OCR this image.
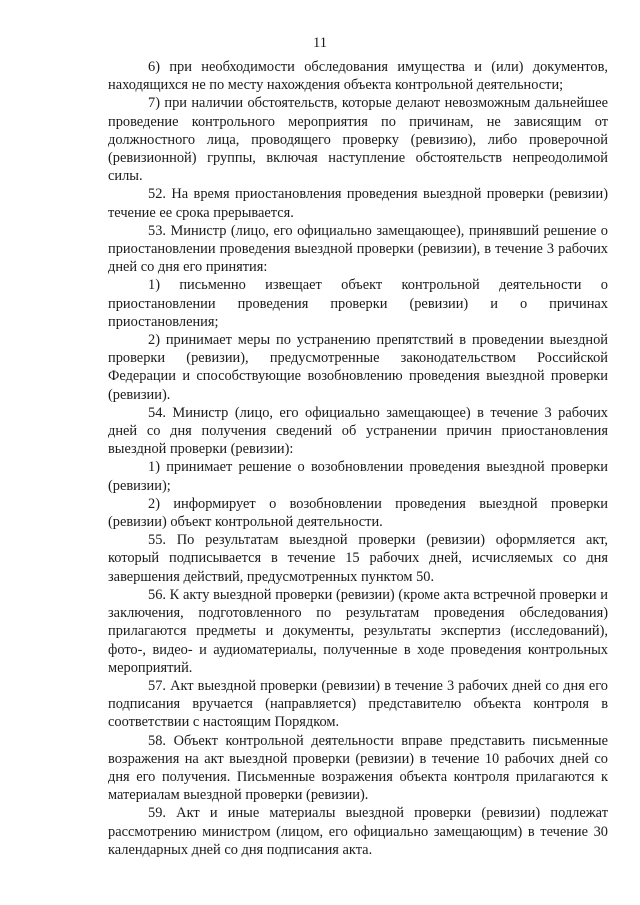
11

6) при необходимости обследования имущества и (или) документов, находящихся не по месту нахождения объекта контрольной деятельности;

7) при наличии обстоятельств, которые делают невозможным дальнейшее проведение контрольного мероприятия по причинам, не зависящим от должностного лица, проводящего проверку (ревизию), либо проверочной (ревизионной) группы, включая наступление обстоятельств непреодолимой силы.

52. На время приостановления проведения выездной проверки (ревизии) течение ее срока прерывается.

53. Министр (лицо, его официально замещающее), принявший решение о приостановлении проведения выездной проверки (ревизии), в течение 3 рабочих дней со дня его принятия:

1) письменно извещает объект контрольной деятельности о приостановлении проведения проверки (ревизии) и о причинах приостановления;

2) принимает меры по устранению препятствий в проведении выездной проверки (ревизии), предусмотренные законодательством Российской Федерации и способствующие возобновлению проведения выездной проверки (ревизии).

54. Министр (лицо, его официально замещающее) в течение 3 рабочих дней со дня получения сведений об устранении причин приостановления выездной проверки (ревизии):

1) принимает решение о возобновлении проведения выездной проверки (ревизии);

2) информирует о возобновлении проведения выездной проверки (ревизии) объект контрольной деятельности.

55. По результатам выездной проверки (ревизии) оформляется акт, который подписывается в течение 15 рабочих дней, исчисляемых со дня завершения действий, предусмотренных пунктом 50.

56. К акту выездной проверки (ревизии) (кроме акта встречной проверки и заключения, подготовленного по результатам проведения обследования) прилагаются предметы и документы, результаты экспертиз (исследований), фото-, видео- и аудиоматериалы, полученные в ходе проведения контрольных мероприятий.

57. Акт выездной проверки (ревизии) в течение 3 рабочих дней со дня его подписания вручается (направляется) представителю объекта контроля в соответствии с настоящим Порядком.

58. Объект контрольной деятельности вправе представить письменные возражения на акт выездной проверки (ревизии) в течение 10 рабочих дней со дня его получения. Письменные возражения объекта контроля прилагаются к материалам выездной проверки (ревизии).

59. Акт и иные материалы выездной проверки (ревизии) подлежат рассмотрению министром (лицом, его официально замещающим) в течение 30 календарных дней со дня подписания акта.
